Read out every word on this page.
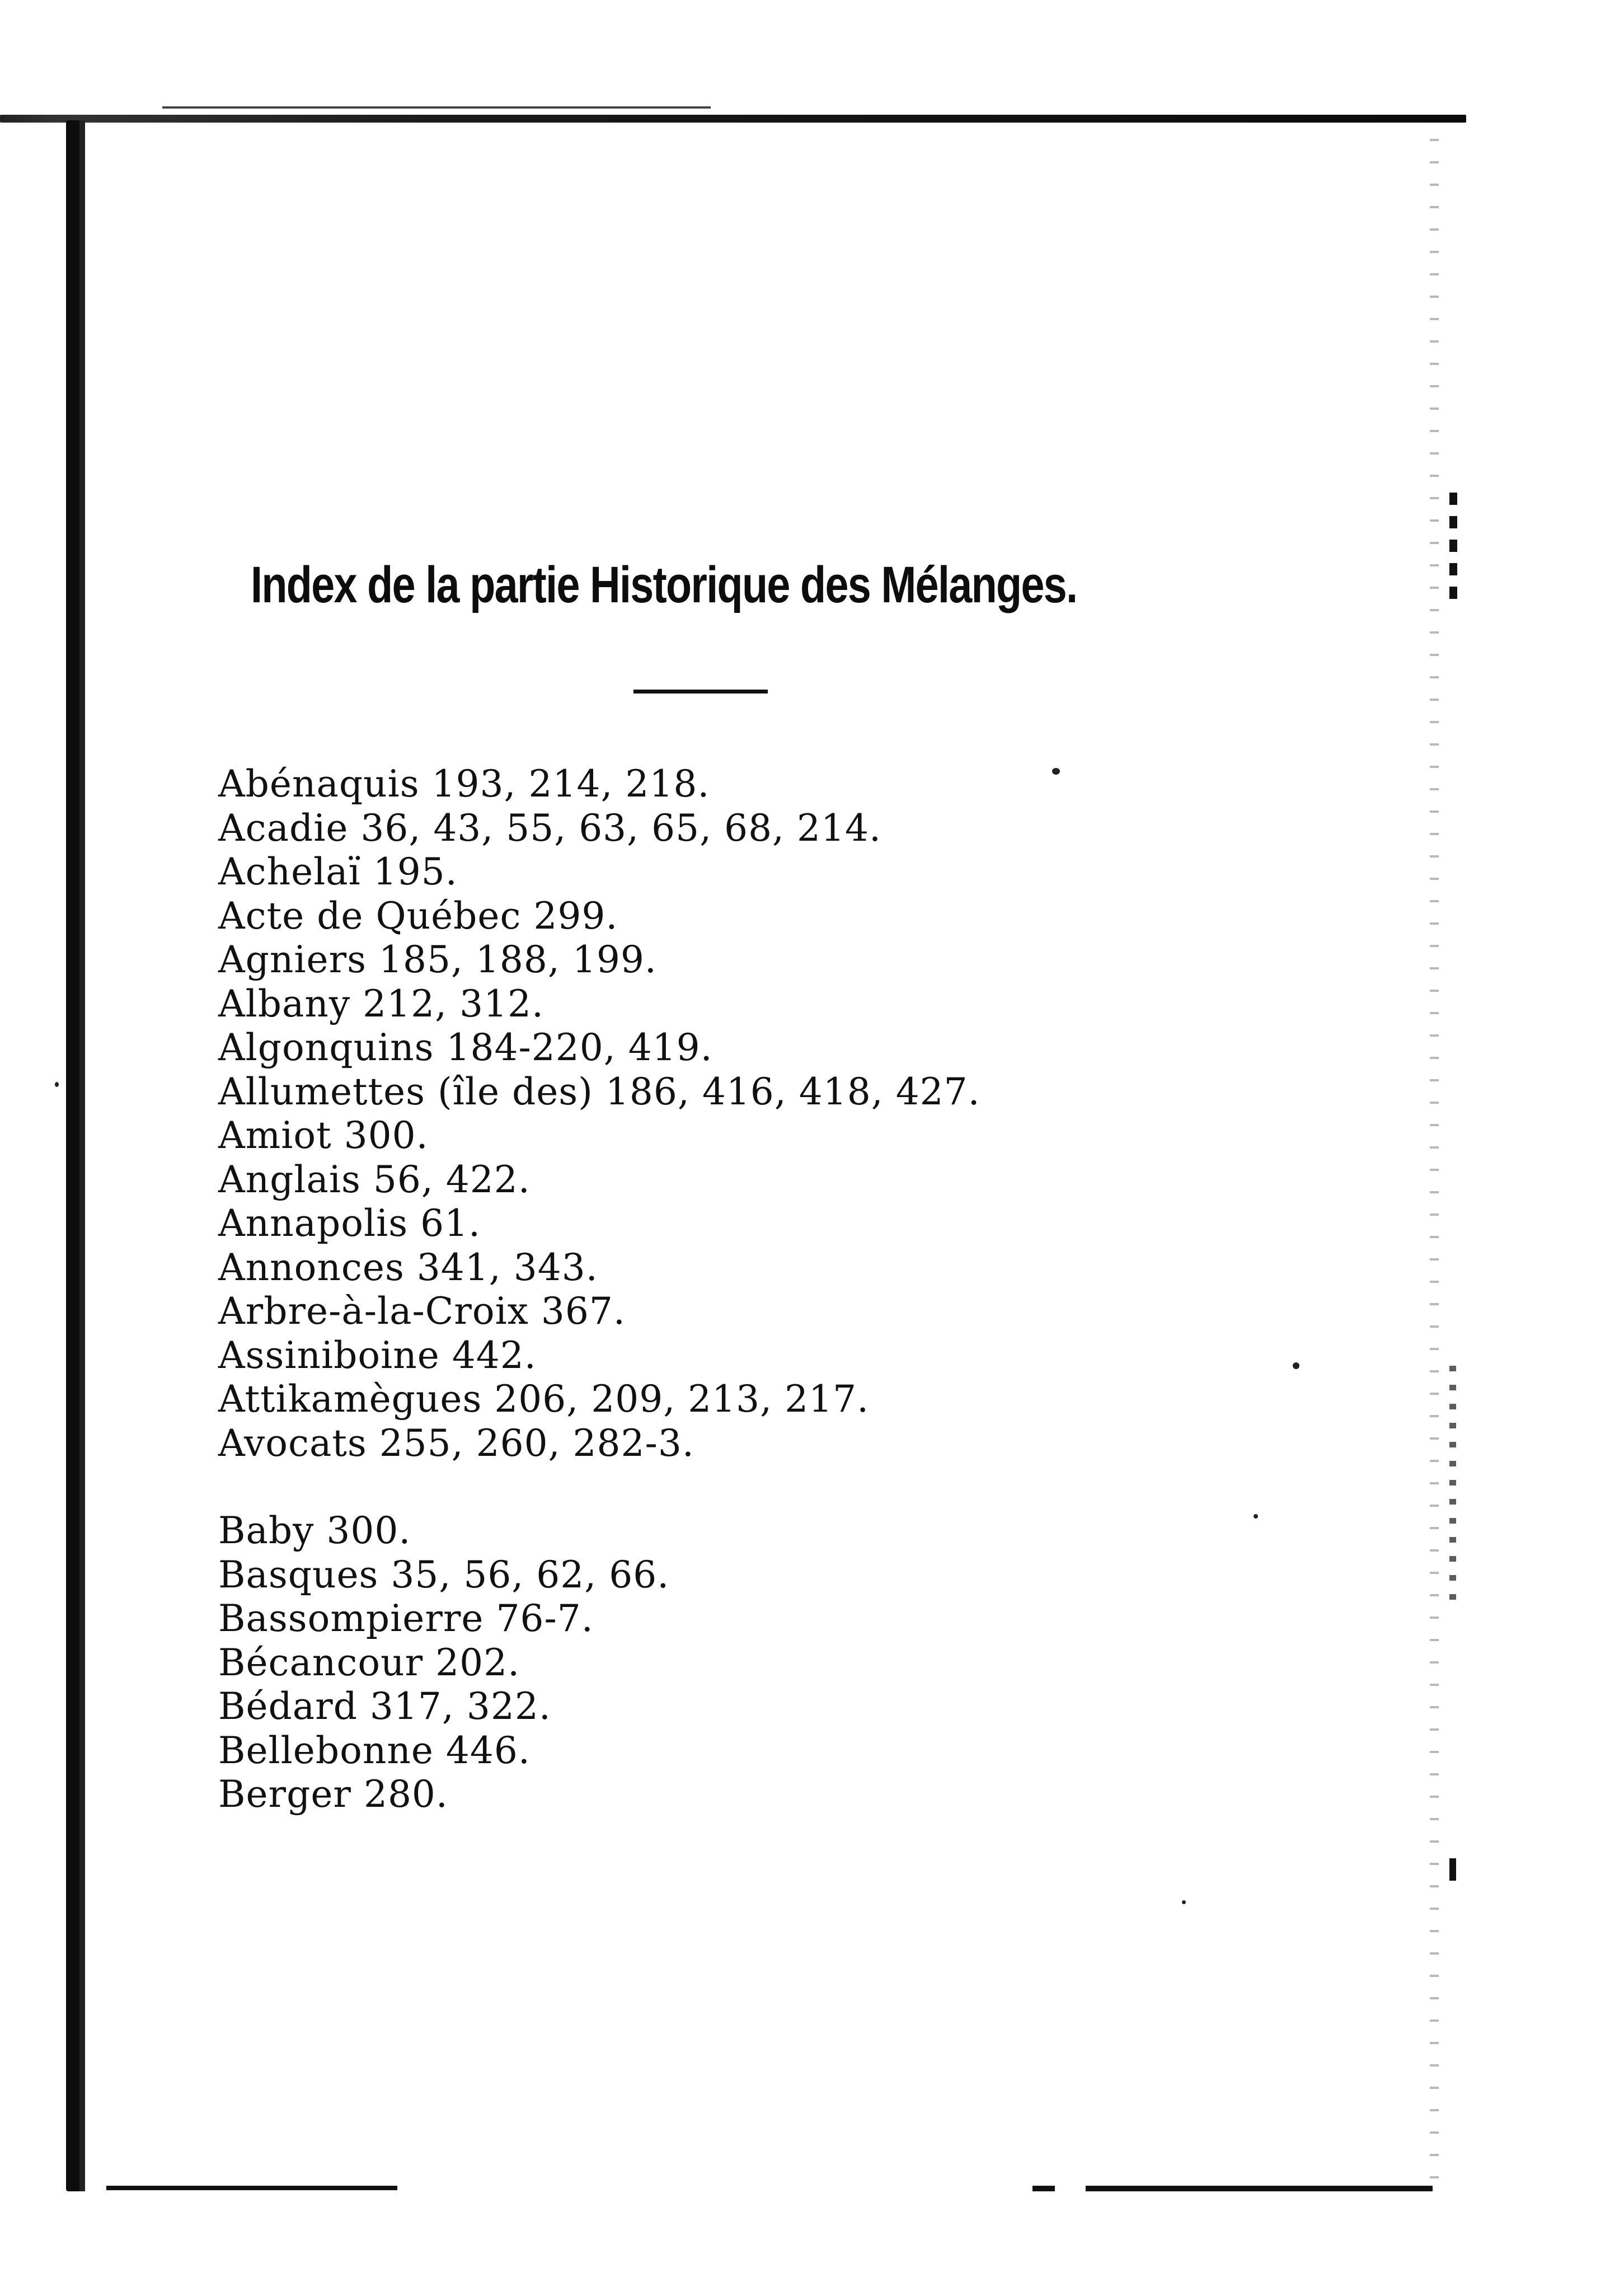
Index de la partie Historique des Mélanges.
Abénaquis 193, 214, 218.
Acadie 36, 43, 55, 63, 65, 68, 214.
Achelaï 195.
Acte de Québec 299.
Agniers 185, 188, 199.
Albany 212, 312.
Algonquins 184-220, 419.
Allumettes (île des) 186, 416, 418, 427.
Amiot 300.
Anglais 56, 422.
Annapolis 61.
Annonces 341, 343.
Arbre-à-la-Croix 367.
Assiniboine 442.
Attikamègues 206, 209, 213, 217.
Avocats 255, 260, 282-3.
Baby 300.
Basques 35, 56, 62, 66.
Bassompierre 76-7.
Bécancour 202.
Bédard 317, 322.
Bellebonne 446.
Berger 280.
